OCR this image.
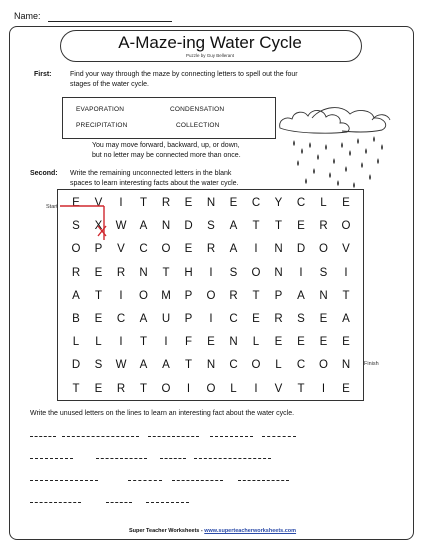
Name:
A-Maze-ing Water Cycle
Puzzle by Guy Bellerant
First:	Find your way through the maze by connecting letters to spell out the four
stages of the water cycle.
EVAPORATION	CONDENSATION
PRECIPITATION	COLLECTION
You may move forward, backward, up, or down,
but no letter may be connected more than once.
Second: Write the remaining unconnected letters in the blank
spaces to learn interesting facts about the water cycle.
Start
Finish
E	V	I	T	R	E	N	E	C	Y	C	L	E
S	X	W	A	N	D	S	A	T	T	E	R	O
O	P	V	C	O	E	R	A	I	N	D	O	V
R	E	R	N	T	H	I	S	O	N	I	S	I
A	T	I	O	M	P	O	R	T	P	A	N	T
B	E	C	A	U	P	I	C	E	R	S	E	A
L	L	I	T	I	F	E	N	L	E	E	E	E
D	S	W	A	A	T	N	C	O	L	C	O	N
T	E	R	T	O	I	O	L	I	V	T	I	E
Write the unused letters on the lines to learn an interesting fact about the water cycle.
Super Teacher Worksheets - www.superteacherworksheets.com
